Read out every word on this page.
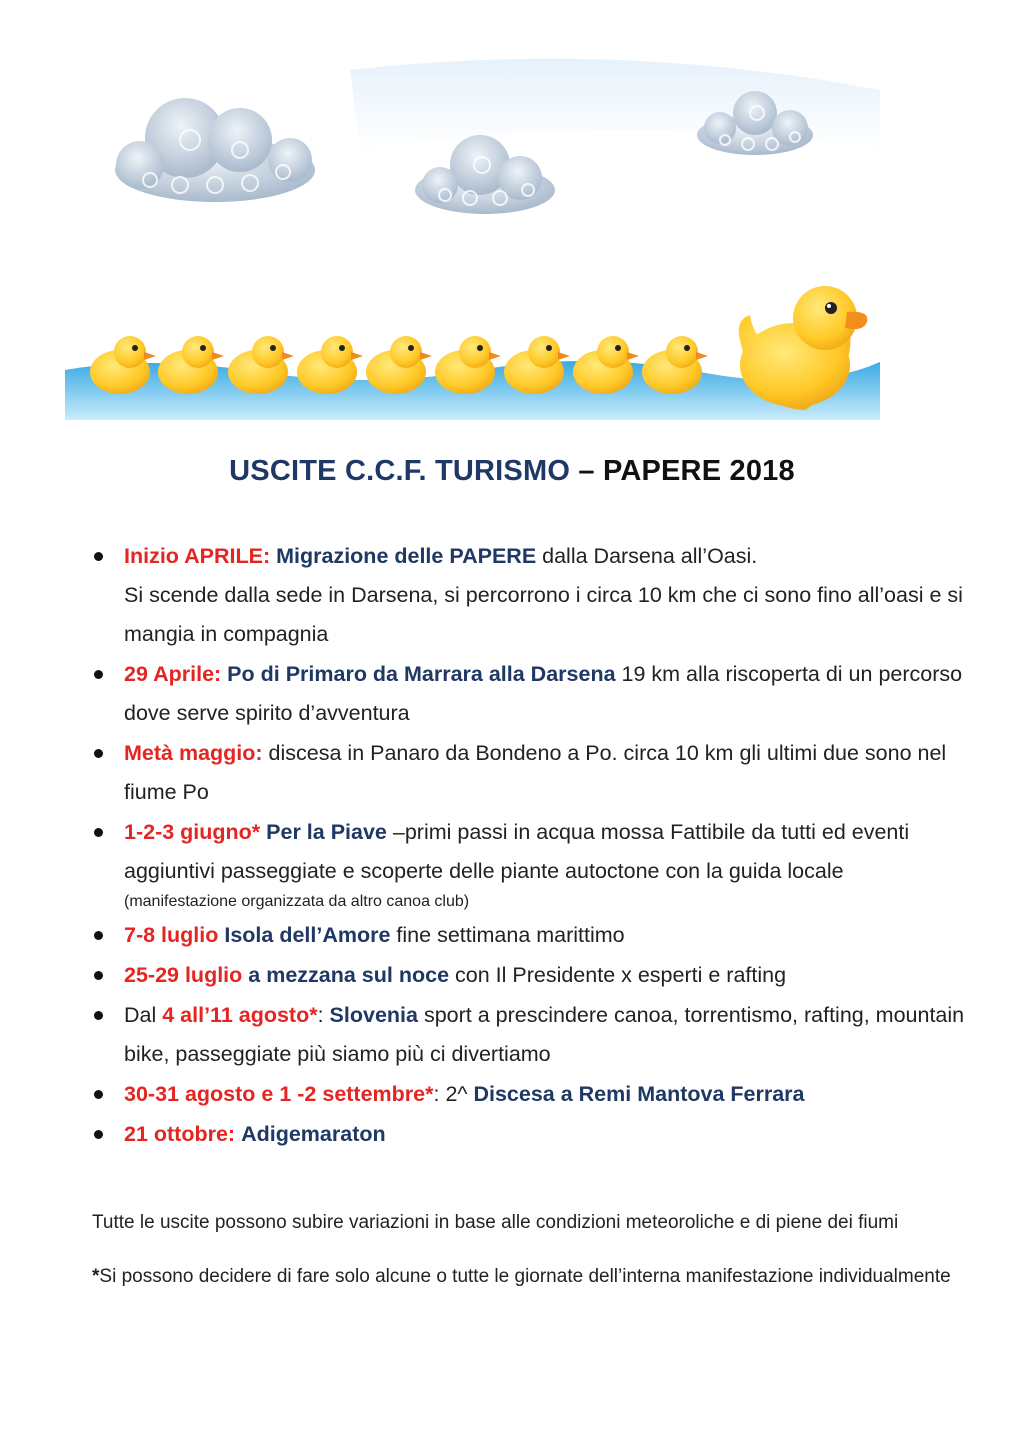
USCITE C.C.F. TURISMO – PAPERE 2018
Inizio APRILE: Migrazione delle PAPERE dalla Darsena all’Oasi.
Si scende dalla sede in Darsena, si percorrono i circa 10 km che ci sono fino all’oasi e si mangia in compagnia
29 Aprile: Po di Primaro da Marrara alla Darsena 19 km alla riscoperta di un percorso dove serve spirito d’avventura
Metà maggio: discesa in Panaro da Bondeno a Po. circa 10 km gli ultimi due sono nel fiume Po
1-2-3 giugno* Per la Piave –primi passi in acqua mossa Fattibile da tutti ed eventi aggiuntivi passeggiate e scoperte delle piante autoctone con la guida locale
(manifestazione organizzata da altro canoa club)
7-8 luglio Isola dell’Amore fine settimana marittimo
25-29 luglio a mezzana sul noce con Il Presidente x esperti e rafting
Dal 4 all’11 agosto*: Slovenia sport a prescindere canoa, torrentismo, rafting, mountain bike, passeggiate più siamo più ci divertiamo
30-31 agosto e 1 -2 settembre*: 2^ Discesa a Remi Mantova Ferrara
21 ottobre: Adigemaraton

Tutte le uscite possono subire variazioni in base alle condizioni meteoroliche e di piene dei fiumi

*Si possono decidere di fare solo alcune o tutte le giornate dell’interna manifestazione individualmente
